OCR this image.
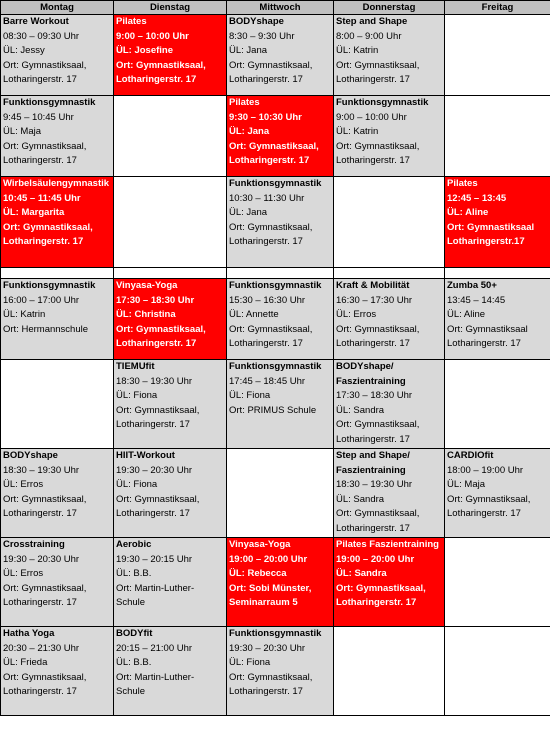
Montag	Dienstag	Mittwoch	Donnerstag	Freitag

Barre Workout
08:30 – 09:30 Uhr
ÜL: Jessy
Ort: Gymnastiksaal,
Lotharingerstr. 17	Pilates
9:00 – 10:00 Uhr
ÜL: Josefine
Ort: Gymnastiksaal,
Lotharingerstr. 17	BODYshape
8:30 – 9:30 Uhr
ÜL: Jana
Ort: Gymnastiksaal,
Lotharingerstr. 17	Step and Shape
8:00 – 9:00 Uhr
ÜL: Katrin
Ort: Gymnastiksaal,
Lotharingerstr. 17	

Funktionsgymnastik
9:45 – 10:45 Uhr
ÜL: Maja
Ort: Gymnastiksaal,
Lotharingerstr. 17		Pilates
9:30 – 10:30 Uhr
ÜL: Jana
Ort: Gymnastiksaal,
Lotharingerstr. 17	Funktionsgymnastik
9:00 – 10:00 Uhr
ÜL: Katrin
Ort: Gymnastiksaal,
Lotharingerstr. 17	

Wirbelsäulengymnastik
10:45 – 11:45 Uhr
ÜL: Margarita
Ort: Gymnastiksaal,
Lotharingerstr. 17		Funktionsgymnastik
10:30 – 11:30 Uhr
ÜL: Jana
Ort: Gymnastiksaal,
Lotharingerstr. 17		Pilates
12:45 – 13:45
ÜL: Aline
Ort: Gymnastiksaal
Lotharingerstr.17

Funktionsgymnastik
16:00 – 17:00 Uhr
ÜL: Katrin
Ort: Hermannschule	Vinyasa-Yoga
17:30 – 18:30 Uhr
ÜL: Christina
Ort: Gymnastiksaal,
Lotharingerstr. 17	Funktionsgymnastik
15:30 – 16:30 Uhr
ÜL: Annette
Ort: Gymnastiksaal,
Lotharingerstr. 17	Kraft & Mobilität
16:30 – 17:30 Uhr
ÜL: Erros
Ort: Gymnastiksaal,
Lotharingerstr. 17	Zumba 50+
13:45 – 14:45
ÜL: Aline
Ort: Gymnastiksaal
Lotharingerstr. 17

	TIEMUfit
18:30 – 19:30 Uhr
ÜL: Fiona
Ort: Gymnastiksaal,
Lotharingerstr. 17	Funktionsgymnastik
17:45 – 18:45 Uhr
ÜL: Fiona
Ort: PRIMUS Schule	BODYshape/ Faszientraining
17:30 – 18:30 Uhr
ÜL: Sandra
Ort: Gymnastiksaal,
Lotharingerstr. 17	

BODYshape
18:30 – 19:30 Uhr
ÜL: Erros
Ort: Gymnastiksaal,
Lotharingerstr. 17	HIIT-Workout
19:30 – 20:30 Uhr
ÜL: Fiona
Ort: Gymnastiksaal,
Lotharingerstr. 17		Step and Shape/ Faszientraining
18:30 – 19:30 Uhr
ÜL: Sandra
Ort: Gymnastiksaal,
Lotharingerstr. 17	CARDIOfit
18:00 – 19:00 Uhr
ÜL: Maja
Ort: Gymnastiksaal,
Lotharingerstr. 17

Crosstraining
19:30 – 20:30 Uhr
ÜL: Erros
Ort: Gymnastiksaal,
Lotharingerstr. 17	Aerobic
19:30 – 20:15 Uhr
ÜL: B.B.
Ort: Martin-Luther-
Schule	Vinyasa-Yoga
19:00 – 20:00 Uhr
ÜL: Rebecca
Ort: Sobi Münster,
Seminarraum 5	Pilates Faszientraining
19:00 – 20:00 Uhr
ÜL: Sandra
Ort: Gymnastiksaal,
Lotharingerstr. 17	

Hatha Yoga
20:30 – 21:30 Uhr
ÜL: Frieda
Ort: Gymnastiksaal,
Lotharingerstr. 17	BODYfit
20:15 – 21:00 Uhr
ÜL: B.B.
Ort: Martin-Luther-
Schule	Funktionsgymnastik
19:30 – 20:30 Uhr
ÜL: Fiona
Ort: Gymnastiksaal,
Lotharingerstr. 17		
